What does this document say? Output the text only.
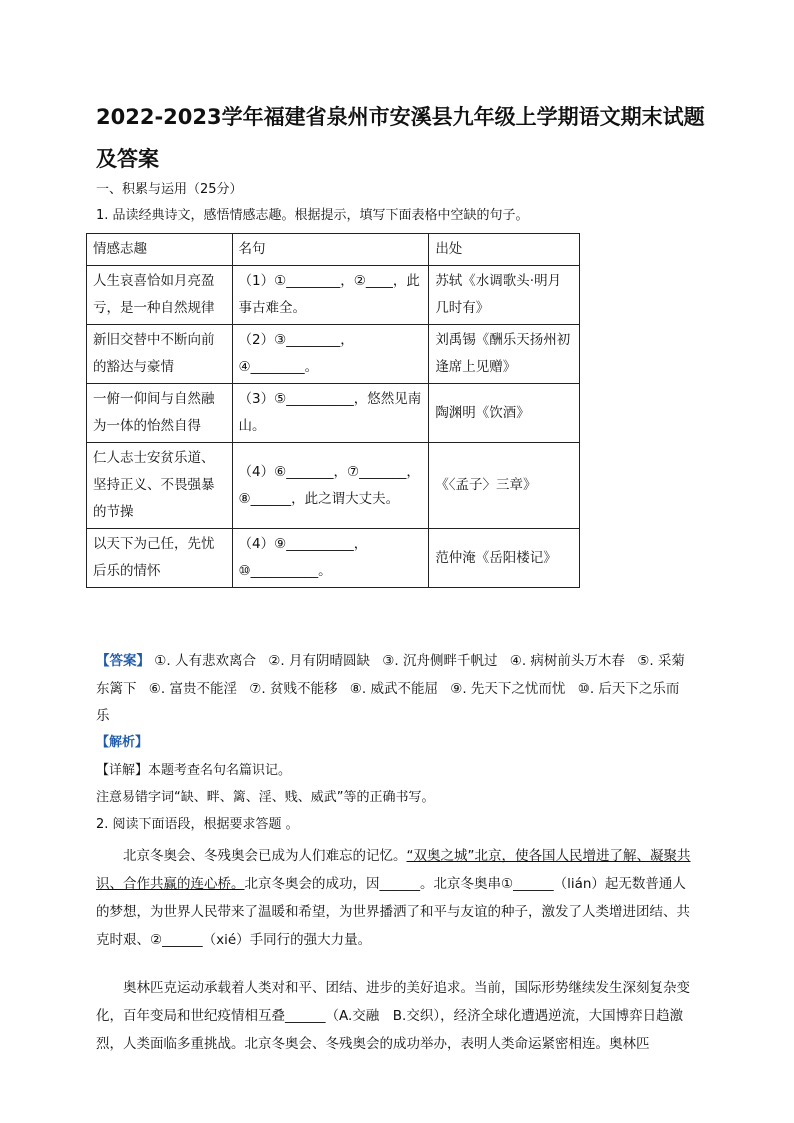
2022-2023学年福建省泉州市安溪县九年级上学期语文期末试题及答案
一、积累与运用（25分）
1. 品读经典诗文，感悟情感志趣。根据提示，填写下面表格中空缺的句子。
情感志趣	名句	出处
人生哀喜恰如月亮盈亏，是一种自然规律	（1）①________，②____，此事古难全。	苏轼《水调歌头·明月几时有》
新旧交替中不断向前的豁达与豪情	（2）③________，④________。	刘禹锡《酬乐天扬州初逢席上见赠》
一俯一仰间与自然融为一体的怡然自得	（3）⑤__________，悠然见南山。	陶渊明《饮酒》
仁人志士安贫乐道、坚持正义、不畏强暴的节操	（4）⑥_______，⑦_______，⑧______，此之谓大丈夫。	《〈孟子〉三章》
以天下为己任，先忧后乐的情怀	（4）⑨__________，⑩__________。	范仲淹《岳阳楼记》
【答案】 ①. 人有悲欢离合 ②. 月有阴晴圆缺 ③. 沉舟侧畔千帆过 ④. 病树前头万木春 ⑤. 采菊东篱下 ⑥. 富贵不能淫 ⑦. 贫贱不能移 ⑧. 威武不能屈 ⑨. 先天下之忧而忧 ⑩. 后天下之乐而乐
【解析】
【详解】本题考查名句名篇识记。
注意易错字词“缺、畔、篱、淫、贱、威武”等的正确书写。
2. 阅读下面语段，根据要求答题 。

北京冬奥会、冬残奥会已成为人们难忘的记忆。“双奥之城”北京，使各国人民增进了解、凝聚共识、合作共赢的连心桥。北京冬奥会的成功，因______。北京冬奥串①______（lián）起无数普通人的梦想，为世界人民带来了温暖和希望，为世界播洒了和平与友谊的种子，激发了人类增进团结、共克时艰、②______（xié）手同行的强大力量。

奥林匹克运动承载着人类对和平、团结、进步的美好追求。当前，国际形势继续发生深刻复杂变化，百年变局和世纪疫情相互叠______（A.交融　B.交织），经济全球化遭遇逆流，大国博弈日趋激烈，人类面临多重挑战。北京冬奥会、冬残奥会的成功举办，表明人类命运紧密相连。奥林匹
